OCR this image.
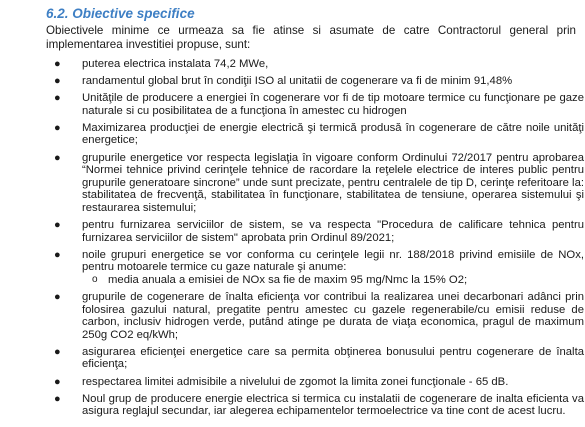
6.2. Obiective specifice
Obiectivele minime ce urmeaza sa fie atinse si asumate de catre Contractorul general prin implementarea investitiei propuse, sunt:
● puterea electrica instalata 74,2 MWe,
● randamentul global brut în condiţii ISO al unitatii de cogenerare va fi de minim 91,48%
● Unităţile de producere a energiei în cogenerare vor fi de tip motoare termice cu funcţionare pe gaze naturale si cu posibilitatea de a funcţiona în amestec cu hidrogen
● Maximizarea producţiei de energie electrică şi termică produsă în cogenerare de către noile unităţi energetice;
● grupurile energetice vor respecta legislaţia în vigoare conform Ordinului 72/2017 pentru aprobarea “Normei tehnice privind cerinţele tehnice de racordare la reţelele electrice de interes public pentru grupurile generatoare sincrone” unde sunt precizate, pentru centralele de tip D, cerinţe referitoare la: stabilitatea de frecvenţă, stabilitatea în funcţionare, stabilitatea de tensiune, operarea sistemului şi restaurarea sistemului;
● pentru furnizarea serviciilor de sistem, se va respecta "Procedura de calificare tehnica pentru furnizarea serviciilor de sistem" aprobata prin Ordinul 89/2021;
● noile grupuri energetice se vor conforma cu cerinţele legii nr. 188/2018 privind emisiile de NOx, pentru motoarele termice cu gaze naturale şi anume:
o media anuala a emisiei de NOx sa fie de maxim 95 mg/Nmc la 15% O2;
● grupurile de cogenerare de înalta eficienţa vor contribui la realizarea unei decarbonari adânci prin folosirea gazului natural, pregatite pentru amestec cu gazele regenerabile/cu emisii reduse de carbon, inclusiv hidrogen verde, putând atinge pe durata de viaţa economica, pragul de maximum 250g CO2 eq/kWh;
● asigurarea eficienţei energetice care sa permita obţinerea bonusului pentru cogenerare de înalta eficienţa;
● respectarea limitei admisibile a nivelului de zgomot la limita zonei funcţionale - 65 dB.
● Noul grup de producere energie electrica si termica cu instalatii de cogenerare de inalta eficienta va asigura reglajul secundar, iar alegerea echipamentelor termoelectrice va tine cont de acest lucru.
